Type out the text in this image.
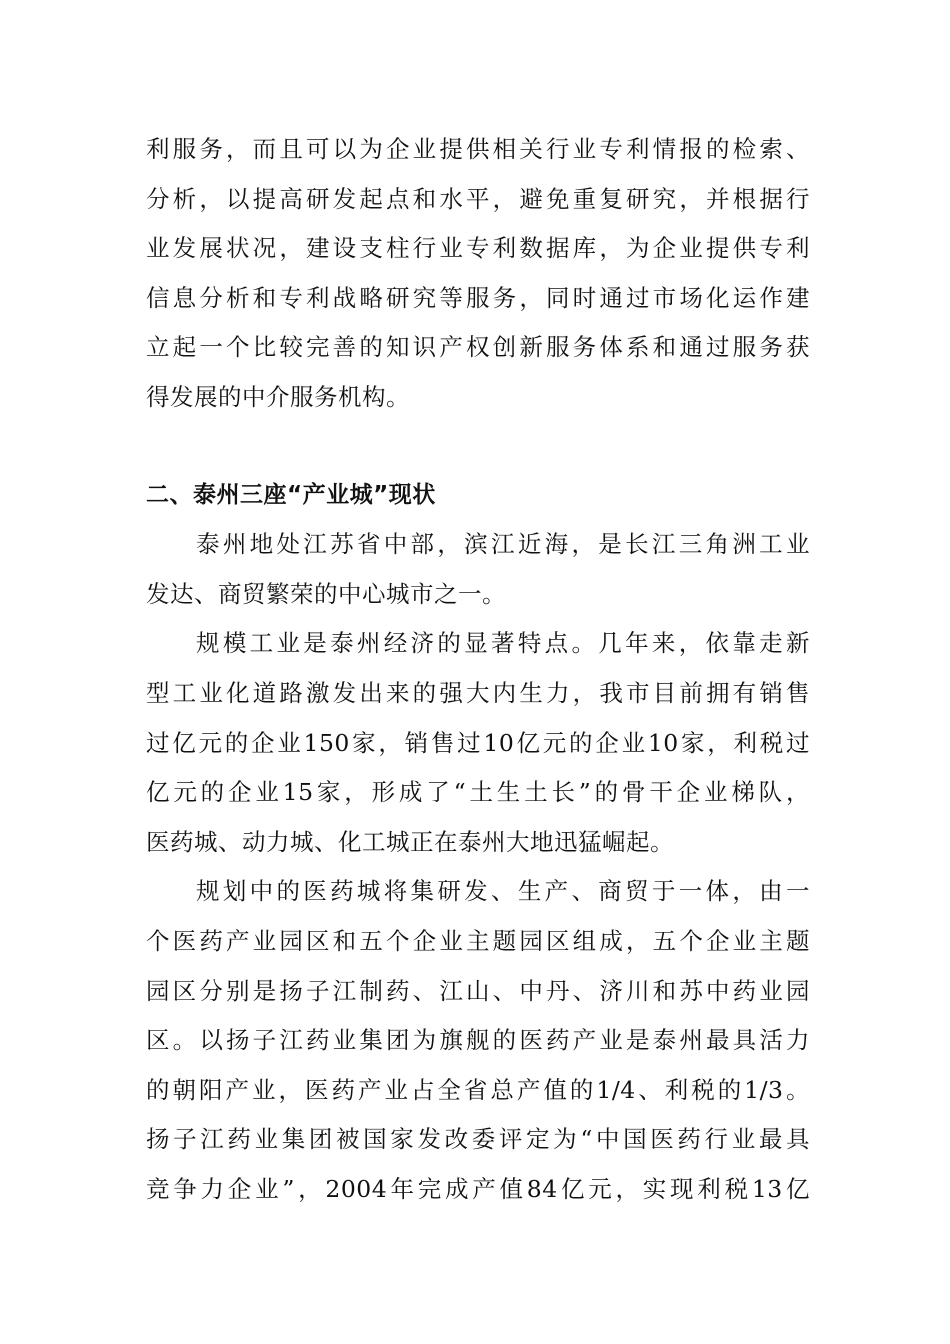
利服务，而且可以为企业提供相关行业专利情报的检索、
分析，以提高研发起点和水平，避免重复研究，并根据行
业发展状况，建设支柱行业专利数据库，为企业提供专利
信息分析和专利战略研究等服务，同时通过市场化运作建
立起一个比较完善的知识产权创新服务体系和通过服务获
得发展的中介服务机构。
二、泰州三座“产业城”现状
泰州地处江苏省中部，滨江近海，是长江三角洲工业
发达、商贸繁荣的中心城市之一。
规模工业是泰州经济的显著特点。几年来，依靠走新
型工业化道路激发出来的强大内生力，我市目前拥有销售
过亿元的企业150家，销售过10亿元的企业10家，利税过
亿元的企业15家，形成了“土生土长”的骨干企业梯队，
医药城、动力城、化工城正在泰州大地迅猛崛起。
规划中的医药城将集研发、生产、商贸于一体，由一
个医药产业园区和五个企业主题园区组成，五个企业主题
园区分别是扬子江制药、江山、中丹、济川和苏中药业园
区。以扬子江药业集团为旗舰的医药产业是泰州最具活力
的朝阳产业，医药产业占全省总产值的1/4、利税的1/3。
扬子江药业集团被国家发改委评定为“中国医药行业最具
竞争力企业”，2004年完成产值84亿元，实现利税13亿
